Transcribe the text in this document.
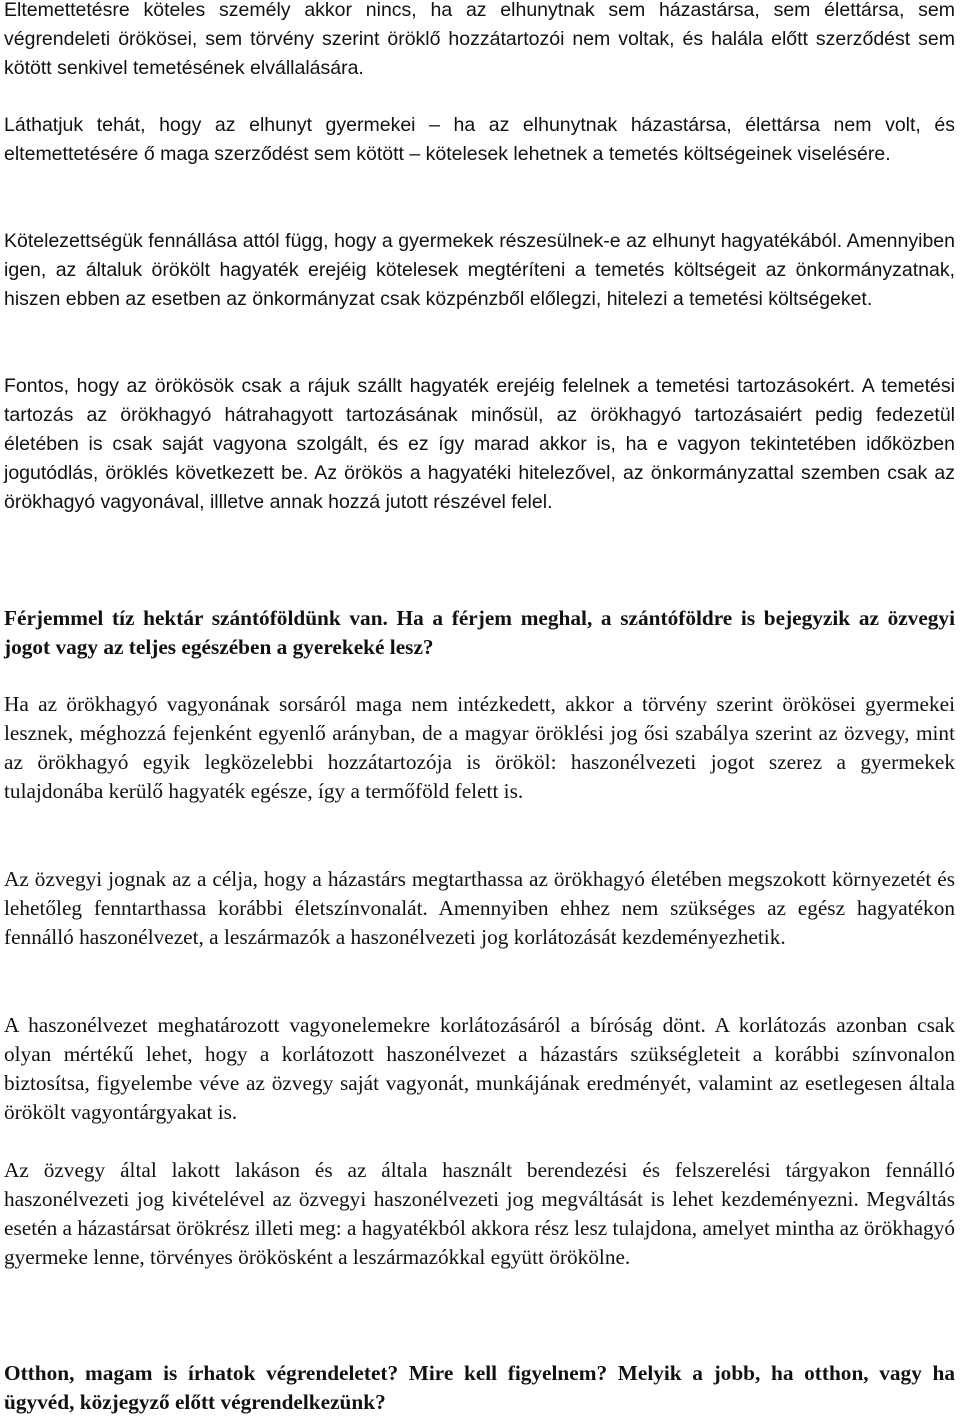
Eltemettetésre köteles személy akkor nincs, ha az elhunytnak sem házastársa, sem élettársa, sem végrendeleti örökösei, sem törvény szerint öröklő hozzátartozói nem voltak, és halála előtt szerződést sem kötött senkivel temetésének elvállalására.

Láthatjuk tehát, hogy az elhunyt gyermekei – ha az elhunytnak házastársa, élettársa nem volt, és eltemettetésére ő maga szerződést sem kötött – kötelesek lehetnek a temetés költségeinek viselésére.

Kötelezettségük fennállása attól függ, hogy a gyermekek részesülnek-e az elhunyt hagyatékából. Amennyiben igen, az általuk örökölt hagyaték erejéig kötelesek megtéríteni a temetés költségeit az önkormányzatnak, hiszen ebben az esetben az önkormányzat csak közpénzből előlegzi, hitelezi a temetési költségeket.

Fontos, hogy az örökösök csak a rájuk szállt hagyaték erejéig felelnek a temetési tartozásokért. A temetési tartozás az örökhagyó hátrahagyott tartozásának minősül, az örökhagyó tartozásaiért pedig fedezetül életében is csak saját vagyona szolgált, és ez így marad akkor is, ha e vagyon tekintetében időközben jogutódlás, öröklés következett be. Az örökös a hagyatéki hitelezővel, az önkormányzattal szemben csak az örökhagyó vagyonával, illletve annak hozzá jutott részével felel.

Férjemmel tíz hektár szántóföldünk van. Ha a férjem meghal, a szántóföldre is bejegyzik az özvegyi jogot vagy az teljes egészében a gyerekeké lesz?

Ha az örökhagyó vagyonának sorsáról maga nem intézkedett, akkor a törvény szerint örökösei gyermekei lesznek, méghozzá fejenként egyenlő arányban, de a magyar öröklési jog ősi szabálya szerint az özvegy, mint az örökhagyó egyik legközelebbi hozzátartozója is örököl: haszonélvezeti jogot szerez a gyermekek tulajdonába kerülő hagyaték egésze, így a termőföld felett is.

Az özvegyi jognak az a célja, hogy a házastárs megtarthassa az örökhagyó életében megszokott környezetét és lehetőleg fenntarthassa korábbi életszínvonalát. Amennyiben ehhez nem szükséges az egész hagyatékon fennálló haszonélvezet, a leszármazók a haszonélvezeti jog korlátozását kezdeményezhetik.

A haszonélvezet meghatározott vagyonelemekre korlátozásáról a bíróság dönt. A korlátozás azonban csak olyan mértékű lehet, hogy a korlátozott haszonélvezet a házastárs szükségleteit a korábbi színvonalon biztosítsa, figyelembe véve az özvegy saját vagyonát, munkájának eredményét, valamint az esetlegesen általa örökölt vagyontárgyakat is.

Az özvegy által lakott lakáson és az általa használt berendezési és felszerelési tárgyakon fennálló haszonélvezeti jog kivételével az özvegyi haszonélvezeti jog megváltását is lehet kezdeményezni. Megváltás esetén a házastársat örökrész illeti meg: a hagyatékból akkora rész lesz tulajdona, amelyet mintha az örökhagyó gyermeke lenne, törvényes örökösként a leszármazókkal együtt örökölne.

Otthon, magam is írhatok végrendeletet? Mire kell figyelnem? Melyik a jobb, ha otthon, vagy ha ügyvéd, közjegyző előtt végrendelkezünk?
